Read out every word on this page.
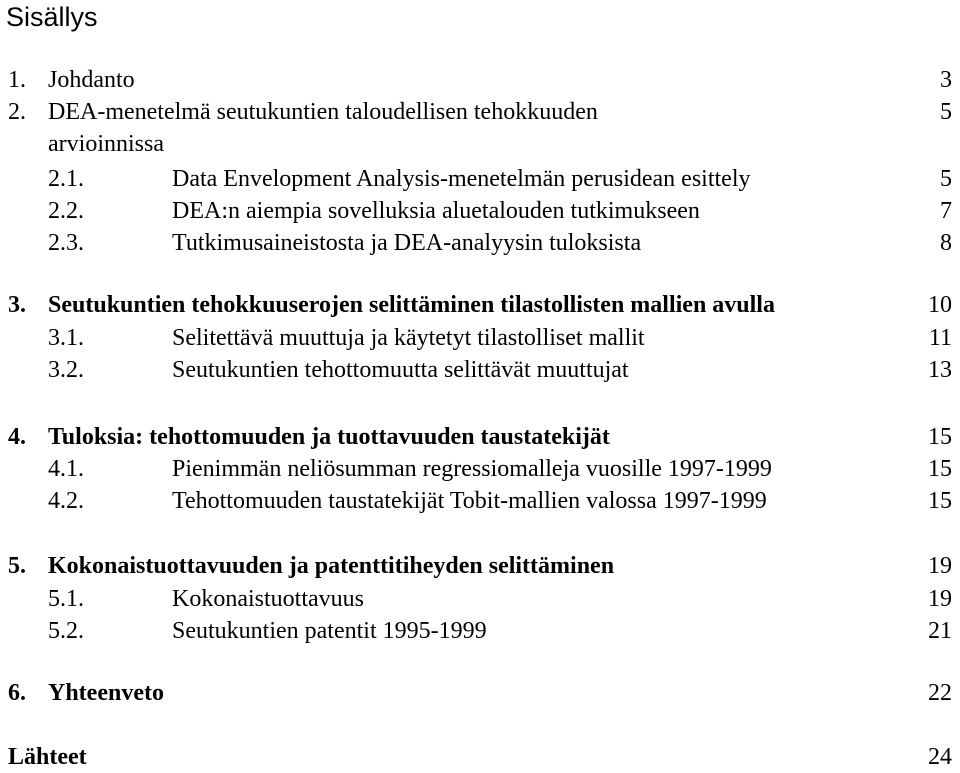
Sisällys
1. Johdanto	3
2. DEA-menetelmä seutukuntien taloudellisen tehokkuuden	5
arvioinnissa
2.1.	Data Envelopment Analysis-menetelmän perusidean esittely	5
2.2.	DEA:n aiempia sovelluksia aluetalouden tutkimukseen	7
2.3.	Tutkimusaineistosta ja DEA-analyysin tuloksista	8
3. Seutukuntien tehokkuuserojen selittäminen tilastollisten mallien avulla	10
3.1.	Selitettävä muuttuja ja käytetyt tilastolliset mallit	11
3.2.	Seutukuntien tehottomuutta selittävät muuttujat	13
4. Tuloksia: tehottomuuden ja tuottavuuden taustatekijät	15
4.1.	Pienimmän neliösumman regressiomalleja vuosille 1997-1999	15
4.2.	Tehottomuuden taustatekijät Tobit-mallien valossa 1997-1999	15
5. Kokonaistuottavuuden ja patenttitiheyden selittäminen	19
5.1.	Kokonaistuottavuus	19
5.2.	Seutukuntien patentit 1995-1999	21
6. Yhteenveto	22
Lähteet	24
